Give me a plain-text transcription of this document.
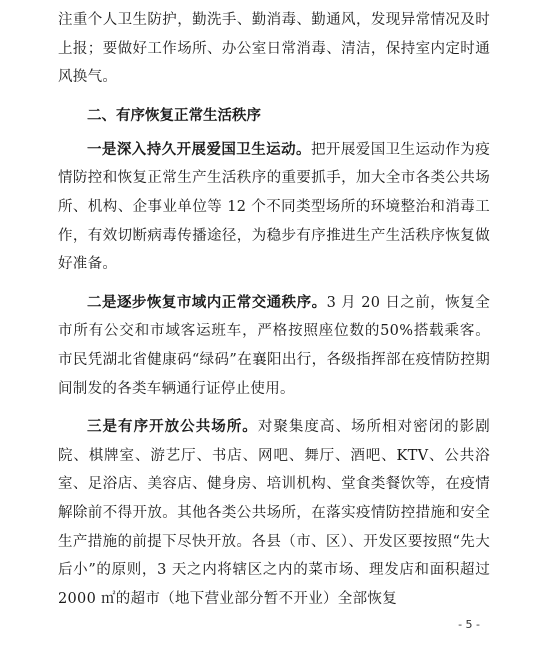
注重个人卫生防护，勤洗手、勤消毒、勤通风，发现异常情况及时上报；要做好工作场所、办公室日常消毒、清洁，保持室内定时通风换气。

二、有序恢复正常生活秩序

一是深入持久开展爱国卫生运动。把开展爱国卫生运动作为疫情防控和恢复正常生产生活秩序的重要抓手，加大全市各类公共场所、机构、企事业单位等 12 个不同类型场所的环境整治和消毒工作，有效切断病毒传播途径，为稳步有序推进生产生活秩序恢复做好准备。

二是逐步恢复市域内正常交通秩序。3 月 20 日之前，恢复全市所有公交和市域客运班车，严格按照座位数的50%搭载乘客。市民凭湖北省健康码“绿码”在襄阳出行，各级指挥部在疫情防控期间制发的各类车辆通行证停止使用。

三是有序开放公共场所。对聚集度高、场所相对密闭的影剧院、棋牌室、游艺厅、书店、网吧、舞厅、酒吧、KTV、公共浴室、足浴店、美容店、健身房、培训机构、堂食类餐饮等，在疫情解除前不得开放。其他各类公共场所，在落实疫情防控措施和安全生产措施的前提下尽快开放。各县（市、区）、开发区要按照“先大后小”的原则，3 天之内将辖区之内的菜市场、理发店和面积超过 2000 ㎡的超市（地下营业部分暂不开业）全部恢复

- 5 -
